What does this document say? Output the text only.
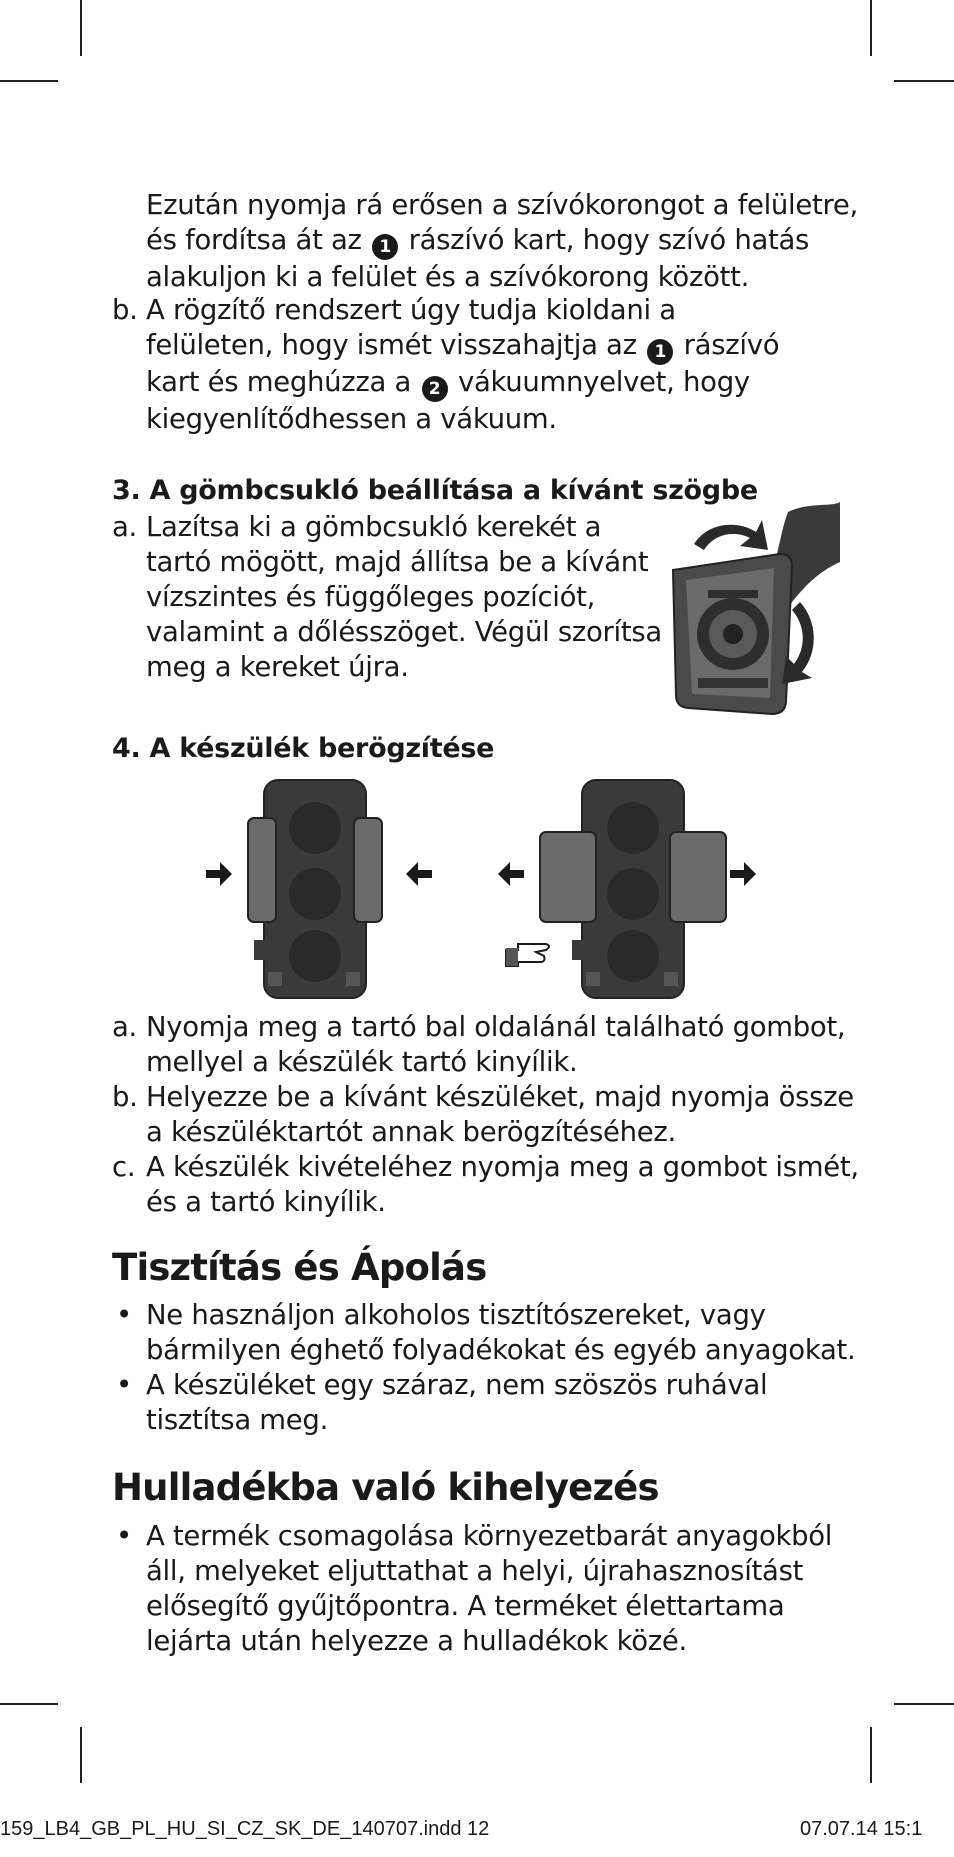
Ezután nyomja rá erősen a szívókorongot a felületre,
és fordítsa át az 1 rászívó kart, hogy szívó hatás
alakuljon ki a felület és a szívókorong között.
b. A rögzítő rendszert úgy tudja kioldani a
felületen, hogy ismét visszahajtja az 1 rászívó
kart és meghúzza a 2 vákuumnyelvet, hogy
kiegyenlítődhessen a vákuum.
3. A gömbcsukló beállítása a kívánt szögbe
a. Lazítsa ki a gömbcsukló kerekét a
tartó mögött, majd állítsa be a kívánt
vízszintes és függőleges pozíciót,
valamint a dőlésszöget. Végül szorítsa
meg a kereket újra.
4. A készülék berögzítése
a. Nyomja meg a tartó bal oldalánál található gombot,
mellyel a készülék tartó kinyílik.
b. Helyezze be a kívánt készüléket, majd nyomja össze
a készüléktartót annak berögzítéséhez.
c. A készülék kivételéhez nyomja meg a gombot ismét,
és a tartó kinyílik.
Tisztítás és Ápolás
• Ne használjon alkoholos tisztítószereket, vagy
bármilyen éghető folyadékokat és egyéb anyagokat.
• A készüléket egy száraz, nem szöszös ruhával
tisztítsa meg.
Hulladékba való kihelyezés
• A termék csomagolása környezetbarát anyagokból
áll, melyeket eljuttathat a helyi, újrahasznosítást
elősegítő gyűjtőpontra. A terméket élettartama
lejárta után helyezze a hulladékok közé.
159_LB4_GB_PL_HU_SI_CZ_SK_DE_140707.indd 12	07.07.14 15:1
